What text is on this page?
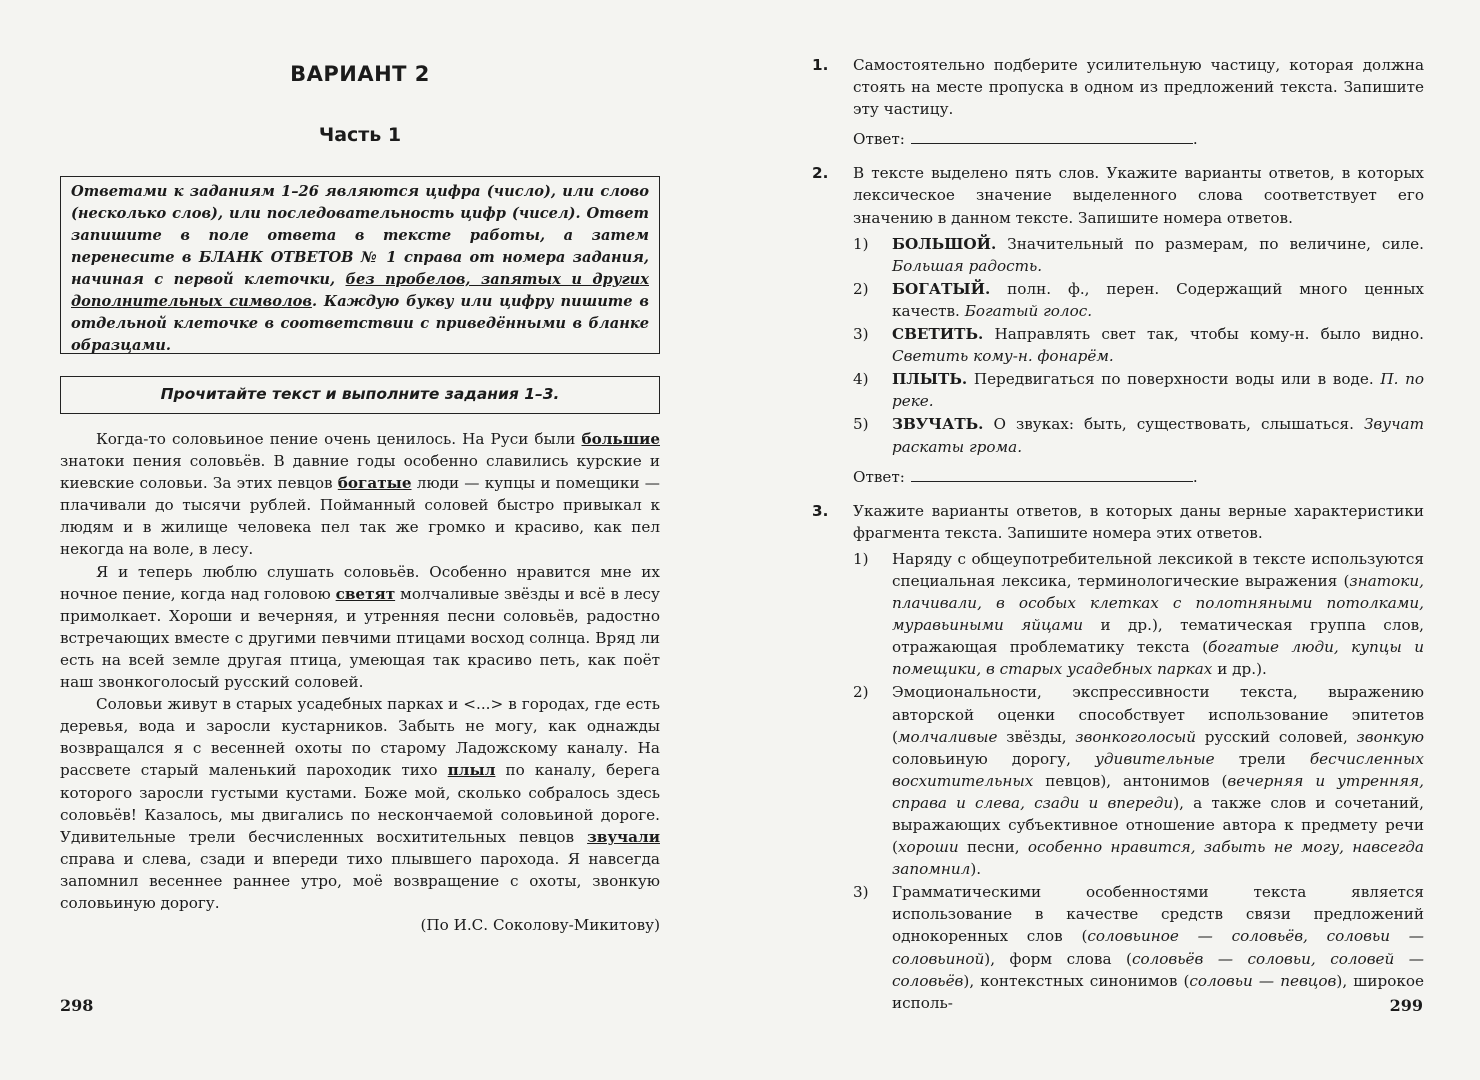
ВАРИАНТ 2
Часть 1

Ответами к заданиям 1–26 являются цифра (число), или слово (несколько слов), или последовательность цифр (чисел). Ответ запишите в поле ответа в тексте работы, а затем перенесите в БЛАНК ОТВЕТОВ № 1 справа от номера задания, начиная с первой клеточки, без пробелов, запятых и других дополнительных символов. Каждую букву или цифру пишите в отдельной клеточке в соответствии с приведёнными в бланке образцами.

Прочитайте текст и выполните задания 1–3.

Когда-то соловьиное пение очень ценилось. На Руси были большие знатоки пения соловьёв. В давние годы особенно славились курские и киевские соловьи. За этих певцов богатые люди — купцы и помещики — плачивали до тысячи рублей. Пойманный соловей быстро привыкал к людям и в жилище человека пел так же громко и красиво, как пел некогда на воле, в лесу.

Я и теперь люблю слушать соловьёв. Особенно нравится мне их ночное пение, когда над головою светят молчаливые звёзды и всё в лесу примолкает. Хороши и вечерняя, и утренняя песни соловьёв, радостно встречающих вместе с другими певчими птицами восход солнца. Вряд ли есть на всей земле другая птица, умеющая так красиво петь, как поёт наш звонкоголосый русский соловей.

Соловьи живут в старых усадебных парках и <...> в городах, где есть деревья, вода и заросли кустарников. Забыть не могу, как однажды возвращался я с весенней охоты по старому Ладожскому каналу. На рассвете старый маленький пароходик тихо плыл по каналу, берега которого заросли густыми кустами. Боже мой, сколько собралось здесь соловьёв! Казалось, мы двигались по нескончаемой соловьиной дороге. Удивительные трели бесчисленных восхитительных певцов звучали справа и слева, сзади и впереди тихо плывшего парохода. Я навсегда запомнил весеннее раннее утро, моё возвращение с охоты, звонкую соловьиную дорогу.

(По И.С. Соколову-Микитову)

298
1. Самостоятельно подберите усилительную частицу, которая должна стоять на месте пропуска в одном из предложений текста. Запишите эту частицу.

Ответ:	.

2. В тексте выделено пять слов. Укажите варианты ответов, в которых лексическое значение выделенного слова соответствует его значению в данном тексте. Запишите номера ответов.

1) БОЛЬШОЙ. Значительный по размерам, по величине, силе. Большая радость.
2) БОГАТЫЙ. полн. ф., перен. Содержащий много ценных качеств. Богатый голос.
3) СВЕТИТЬ. Направлять свет так, чтобы кому-н. было видно. Светить кому-н. фонарём.
4) ПЛЫТЬ. Передвигаться по поверхности воды или в воде. П. по реке.
5) ЗВУЧАТЬ. О звуках: быть, существовать, слышаться. Звучат раскаты грома.

Ответ:	.

3. Укажите варианты ответов, в которых даны верные характеристики фрагмента текста. Запишите номера этих ответов.

1) Наряду с общеупотребительной лексикой в тексте используются специальная лексика, терминологические выражения (знатоки, плачивали, в особых клетках с полотняными потолками, муравьиными яйцами и др.), тематическая группа слов, отражающая проблематику текста (богатые люди, купцы и помещики, в старых усадебных парках и др.).
2) Эмоциональности, экспрессивности текста, выражению авторской оценки способствует использование эпитетов (молчаливые звёзды, звонкоголосый русский соловей, звонкую соловьиную дорогу, удивительные трели бесчисленных восхитительных певцов), антонимов (вечерняя и утренняя, справа и слева, сзади и впереди), а также слов и сочетаний, выражающих субъективное отношение автора к предмету речи (хороши песни, особенно нравится, забыть не могу, навсегда запомнил).
3) Грамматическими особенностями текста является использование в качестве средств связи предложений однокоренных слов (соловьиное — соловьёв, соловьи — соловьиной), форм слова (соловьёв — соловьи, соловей — соловьёв), контекстных синонимов (соловьи — певцов), широкое исполь-	299
